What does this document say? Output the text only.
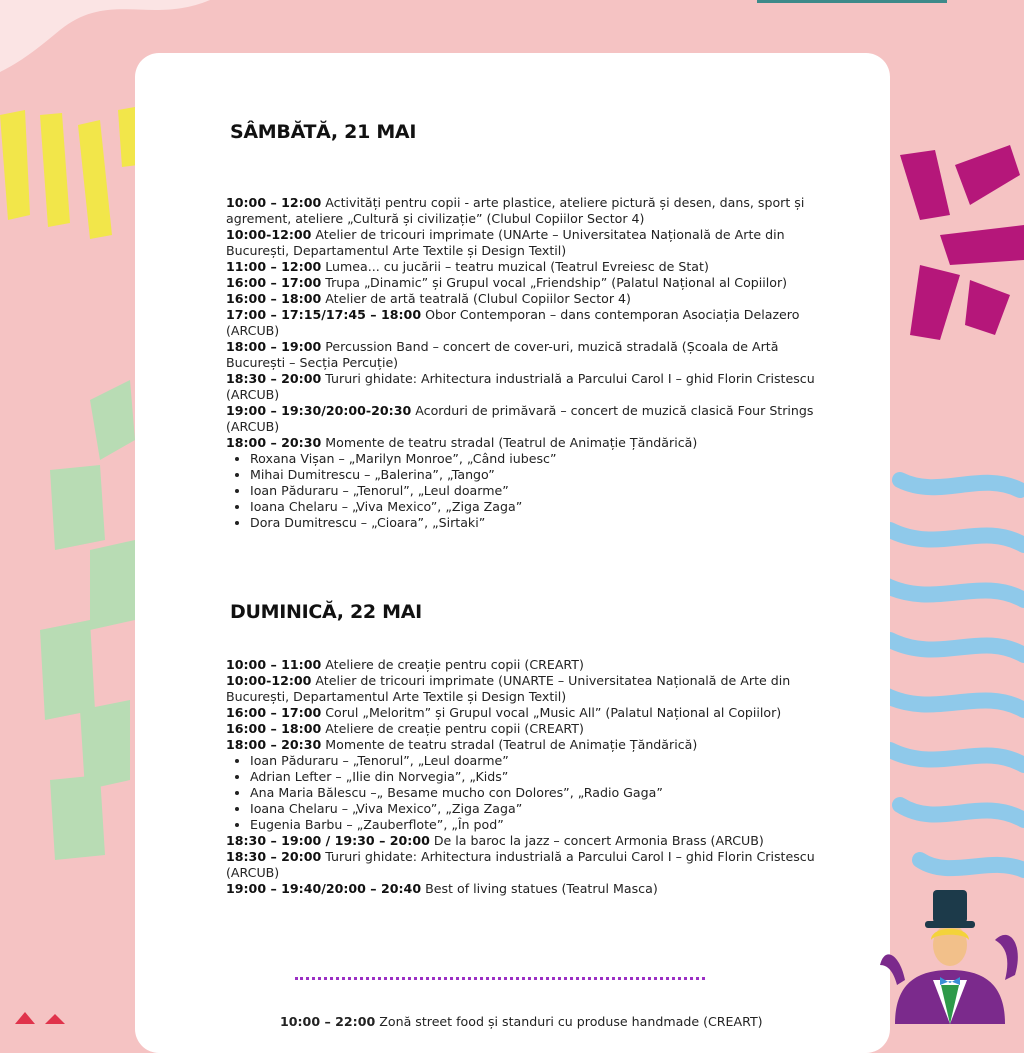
SÂMBĂTĂ, 21 MAI

10:00 – 12:00 Activități pentru copii - arte plastice, ateliere pictură și desen, dans, sport și agrement, ateliere „Cultură și civilizație” (Clubul Copiilor Sector 4)

10:00-12:00 Atelier de tricouri imprimate (UNArte – Universitatea Națională de Arte din București, Departamentul Arte Textile și Design Textil)

11:00 – 12:00 Lumea... cu jucării – teatru muzical (Teatrul Evreiesc de Stat)

16:00 – 17:00 Trupa „Dinamic” și Grupul vocal „Friendship” (Palatul Național al Copiilor)

16:00 – 18:00 Atelier de artă teatrală (Clubul Copiilor Sector 4)

17:00 – 17:15/17:45 – 18:00 Obor Contemporan – dans contemporan Asociația Delazero (ARCUB)

18:00 – 19:00 Percussion Band – concert de cover-uri, muzică stradală (Școala de Artă București – Secția Percuție)

18:30 – 20:00 Tururi ghidate: Arhitectura industrială a Parcului Carol I – ghid Florin Cristescu (ARCUB)

19:00 – 19:30/20:00-20:30 Acorduri de primăvară – concert de muzică clasică Four Strings (ARCUB)

18:00 – 20:30 Momente de teatru stradal (Teatrul de Animație Țăndărică)

• Roxana Vișan – „Marilyn Monroe”, „Când iubesc”
• Mihai Dumitrescu – „Balerina”, „Tango”
• Ioan Păduraru – „Tenorul”, „Leul doarme”
• Ioana Chelaru – „Viva Mexico”, „Ziga Zaga”
• Dora Dumitrescu – „Cioara”, „Sirtaki”
DUMINICĂ, 22 MAI

10:00 – 11:00 Ateliere de creație pentru copii (CREART)

10:00-12:00 Atelier de tricouri imprimate (UNARTE – Universitatea Națională de Arte din București, Departamentul Arte Textile și Design Textil)

16:00 – 17:00 Corul „Meloritm” și Grupul vocal „Music All” (Palatul Național al Copiilor)

16:00 – 18:00 Ateliere de creație pentru copii (CREART)

18:00 – 20:30 Momente de teatru stradal (Teatrul de Animație Țăndărică)

• Ioan Păduraru – „Tenorul”, „Leul doarme”
• Adrian Lefter – „Ilie din Norvegia”, „Kids”
• Ana Maria Bălescu –„ Besame mucho con Dolores”, „Radio Gaga”
• Ioana Chelaru – „Viva Mexico”, „Ziga Zaga”
• Eugenia Barbu – „Zauberflote”, „În pod”

18:30 – 19:00 / 19:30 – 20:00 De la baroc la jazz – concert Armonia Brass (ARCUB)

18:30 – 20:00 Tururi ghidate: Arhitectura industrială a Parcului Carol I – ghid Florin Cristescu (ARCUB)

19:00 – 19:40/20:00 – 20:40 Best of living statues (Teatrul Masca)

10:00 – 22:00 Zonă street food și standuri cu produse handmade (CREART)
